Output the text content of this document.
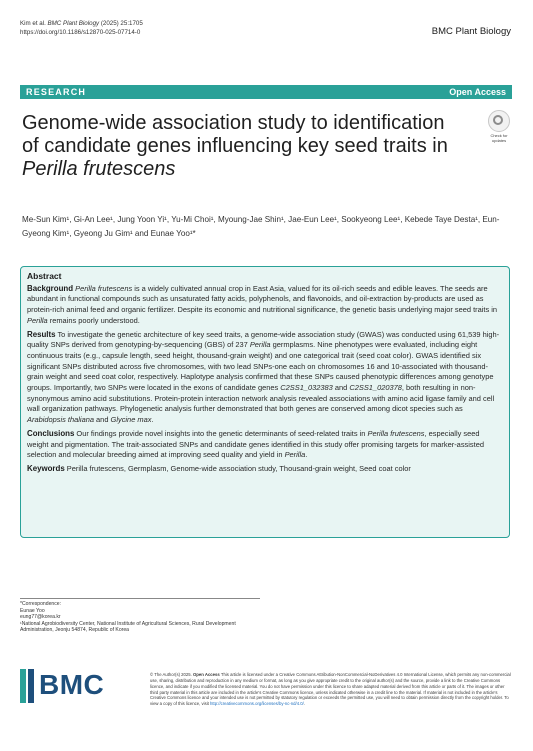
Kim et al. BMC Plant Biology (2025) 25:1705
https://doi.org/10.1186/s12870-025-07714-0	BMC Plant Biology
RESEARCH	Open Access
Genome-wide association study to identification of candidate genes influencing key seed traits in Perilla frutescens
Check for
updates
Me-Sun Kim¹, Gi-An Lee¹, Jung Yoon Yi¹, Yu-Mi Choi¹, Myoung-Jae Shin¹, Jae-Eun Lee¹, Sookyeong Lee¹, Kebede Taye Desta¹, Eun-Gyeong Kim¹, Gyeong Ju Gim¹ and Eunae Yoo¹*
Abstract

Background Perilla frutescens is a widely cultivated annual crop in East Asia, valued for its oil-rich seeds and edible leaves. The seeds are abundant in functional compounds such as unsaturated fatty acids, polyphenols, and flavonoids, and oil-extraction by-products are used as protein-rich animal feed and organic fertilizer. Despite its economic and nutritional significance, the genetic basis underlying major seed traits in Perilla remains poorly understood.

Results To investigate the genetic architecture of key seed traits, a genome-wide association study (GWAS) was conducted using 61,539 high-quality SNPs derived from genotyping-by-sequencing (GBS) of 237 Perilla germplasms. Nine phenotypes were evaluated, including eight continuous traits (e.g., capsule length, seed height, thousand-grain weight) and one categorical trait (seed coat color). GWAS identified six significant SNPs distributed across five chromosomes, with two lead SNPs-one each on chromosomes 16 and 10-associated with thousand-grain weight and seed coat color, respectively. Haplotype analysis confirmed that these SNPs caused phenotypic differences among genotype groups. Importantly, two SNPs were located in the exons of candidate genes C2SS1_032383 and C2SS1_020378, both resulting in non-synonymous amino acid substitutions. Protein-protein interaction network analysis revealed associations with amino acid ligase family and cell wall organization pathways. Phylogenetic analysis further demonstrated that both genes are conserved among dicot species such as Arabidopsis thaliana and Glycine max.

Conclusions Our findings provide novel insights into the genetic determinants of seed-related traits in Perilla frutescens, especially seed weight and pigmentation. The trait-associated SNPs and candidate genes identified in this study offer promising targets for marker-assisted selection and molecular breeding aimed at improving seed quality and yield in Perilla.

Keywords Perilla frutescens, Germplasm, Genome-wide association study, Thousand-grain weight, Seed coat color

*Correspondence:
Eunae Yoo
eung77@korea.kr
¹National Agrobiodiversity Center, National Institute of Agricultural Sciences, Rural Development Administration, Jeonju 54874, Republic of Korea
BMC	© The Author(s) 2025. Open Access This article is licensed under a Creative Commons Attribution-NonCommercial-NoDerivatives 4.0 International License, which permits any non-commercial use, sharing, distribution and reproduction in any medium or format, as long as you give appropriate credit to the original author(s) and the source, provide a link to the Creative Commons licence, and indicate if you modified the licensed material. You do not have permission under this licence to share adapted material derived from this article or parts of it. The images or other third party material in this article are included in the article's Creative Commons licence, unless indicated otherwise in a credit line to the material. If material is not included in the article's Creative Commons licence and your intended use is not permitted by statutory regulation or exceeds the permitted use, you will need to obtain permission directly from the copyright holder. To view a copy of this licence, visit http://creativecommons.org/licenses/by-nc-nd/4.0/.
